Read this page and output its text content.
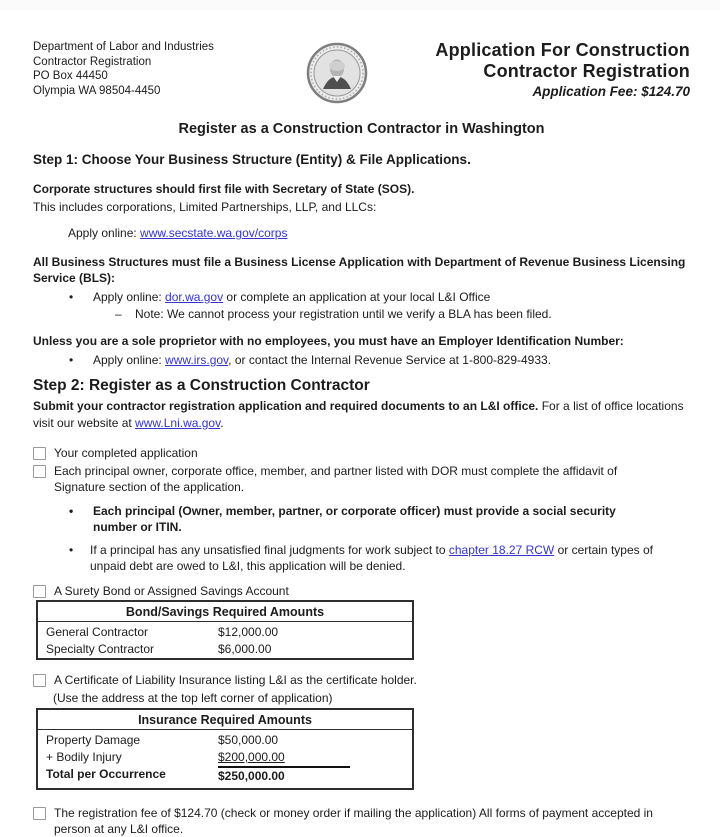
Department of Labor and Industries
Contractor Registration
PO Box 44450
Olympia WA 98504-4450
Application For Construction
Contractor Registration
Application Fee: $124.70
Register as a Construction Contractor in Washington
Step 1: Choose Your Business Structure (Entity) & File Applications.

Corporate structures should first file with Secretary of State (SOS).

This includes corporations, Limited Partnerships, LLP, and LLCs:

Apply online: www.secstate.wa.gov/corps

All Business Structures must file a Business License Application with Department of Revenue Business Licensing Service (BLS):

•	Apply online: dor.wa.gov or complete an application at your local L&I Office
–	Note: We cannot process your registration until we verify a BLA has been filed.

Unless you are a sole proprietor with no employees, you must have an Employer Identification Number:

•	Apply online: www.irs.gov, or contact the Internal Revenue Service at 1-800-829-4933.
Step 2: Register as a Construction Contractor

Submit your contractor registration application and required documents to an L&I office. For a list of office locations visit our website at www.Lni.wa.gov.

Your completed application
Each principal owner, corporate office, member, and partner listed with DOR must complete the affidavit of Signature section of the application.
•	Each principal (Owner, member, partner, or corporate officer) must provide a social security number or ITIN.
•	If a principal has any unsatisfied final judgments for work subject to chapter 18.27 RCW or certain types of unpaid debt are owed to L&I, this application will be denied.
A Surety Bond or Assigned Savings Account
Bond/Savings Required Amounts
General Contractor	$12,000.00
Specialty Contractor	$6,000.00
A Certificate of Liability Insurance listing L&I as the certificate holder.
(Use the address at the top left corner of application)
Insurance Required Amounts
Property Damage	$50,000.00
+ Bodily Injury	$200,000.00
Total per Occurrence	$250,000.00
The registration fee of $124.70 (check or money order if mailing the application) All forms of payment accepted in person at any L&I office.
